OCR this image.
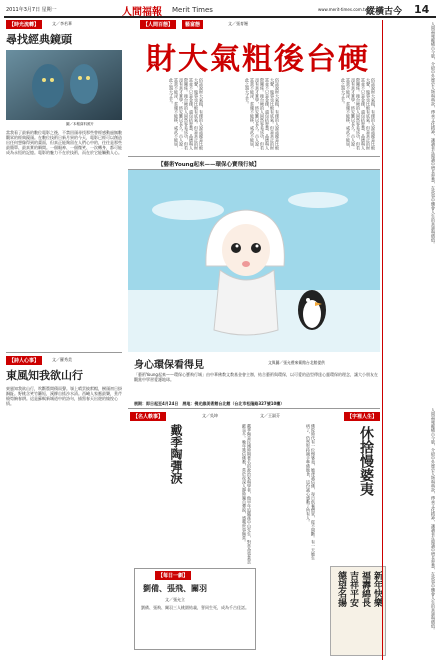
2011年3月7日 星期一	人間福報 Merit Times	www.merit-times.com.tw
縱橫古今 14
【時光流轉】	文／李若華
尋找經典鏡頭
圖／本報資料照片
當我看了最新的數位電影之後，不禁回頭尋找那些曾經感動過無數觀眾的經典鏡頭。在數位技術日新月異的今天，電影已經可以創造出任何想像得到的畫面，但真正能夠留在人們心中的，往往是那些最簡單、最真實的瞬間。一個眼神、一個微笑、一次轉身，都可能成為永恆的記憶。電影的魅力不在於技術，而在於它能觸動人心。
【詩人心事】	文／羅秀美
東風知我欲山行
東風知我欲山行，吹斷簷間積雨聲。嶺上晴雲披絮帽，樹頭初日掛銅鉦。野桃含笑竹籬短，溪柳自搖沙水清。西崦人家應最樂，煮芹燒筍餉春耕。這是蘇軾新城道中的詩句，描寫春天出遊的愉悅心情。
【人間百態】	藝富態	文／張育嫚
財大氣粗後台硬
俗話說財大氣粗，有錢的人說話總是比較大聲，做事也比較有底氣。但是真正的財富並不只是金錢，還包括智慧、品德與人際關係。後台硬的人固然容易成功，但若沒有真才實學，終究難以長久。古人說：富貴不能淫，貧賤不能移，威武不能屈，此之謂大丈夫。	俗話說財大氣粗，有錢的人說話總是比較大聲，做事也比較有底氣。但是真正的財富並不只是金錢，還包括智慧、品德與人際關係。後台硬的人固然容易成功，但若沒有真才實學，終究難以長久。古人說：富貴不能淫，貧賤不能移，威武不能屈，此之謂大丈夫。	俗話說財大氣粗，有錢的人說話總是比較大聲，做事也比較有底氣。但是真正的財富並不只是金錢，還包括智慧、品德與人際關係。後台硬的人固然容易成功，但若沒有真才實學，終究難以長久。古人說：富貴不能淫，貧賤不能移，威武不能屈，此之謂大丈夫。
【藝術Young起來——環保心寶飛行城】
身心環保看得見	文與圖／張允禮來衛館台北館提供
「藝術Young起來——環保心寶飛行城」由中華佛教文教基金會主辦，結合藝術與環保，以可愛的造型傳達心靈環保的理念，讓大小朋友在觀賞中學習愛護地球。
展期：即日起至4月24日　展地：佛光緣美術館台北館（台北市松隆路327號10樓）
【名人軼事】	文／吳坤
戴季陶彈淚	戴季陶是民國時期著名的政治家與學者，他早年追隨孫中山先生，對革命事業貢獻良多。晚年篤信佛教，常於夜深人靜時獨自彈淚，感嘆世事無常。
【每日一劇】
劉備、張飛、關羽
文／張允立
劉備、張飛、關羽三人桃園結義，誓同生死，成為千古佳話。
佛陀時代有一位慢婆夷，她虔誠信佛，每日供養僧眾，從不間斷。有一天她生病了，仍然堅持親手準備飯食，這份誠心感動了所有人。
文／王淑芬
休捨慢婆夷
【字裡人生】
德望名揚 吉祥平安 福壽綿長 新年快樂
人間福報縱橫古今版，介紹中外歷史人物與典故，傳承文化精神，讓讀者在閱讀中增長智慧，在故事中體會人生的真諦與價值。
人間福報縱橫古今版，介紹中外歷史人物與典故，傳承文化精神，讓讀者在閱讀中增長智慧，在故事中體會人生的真諦與價值。
